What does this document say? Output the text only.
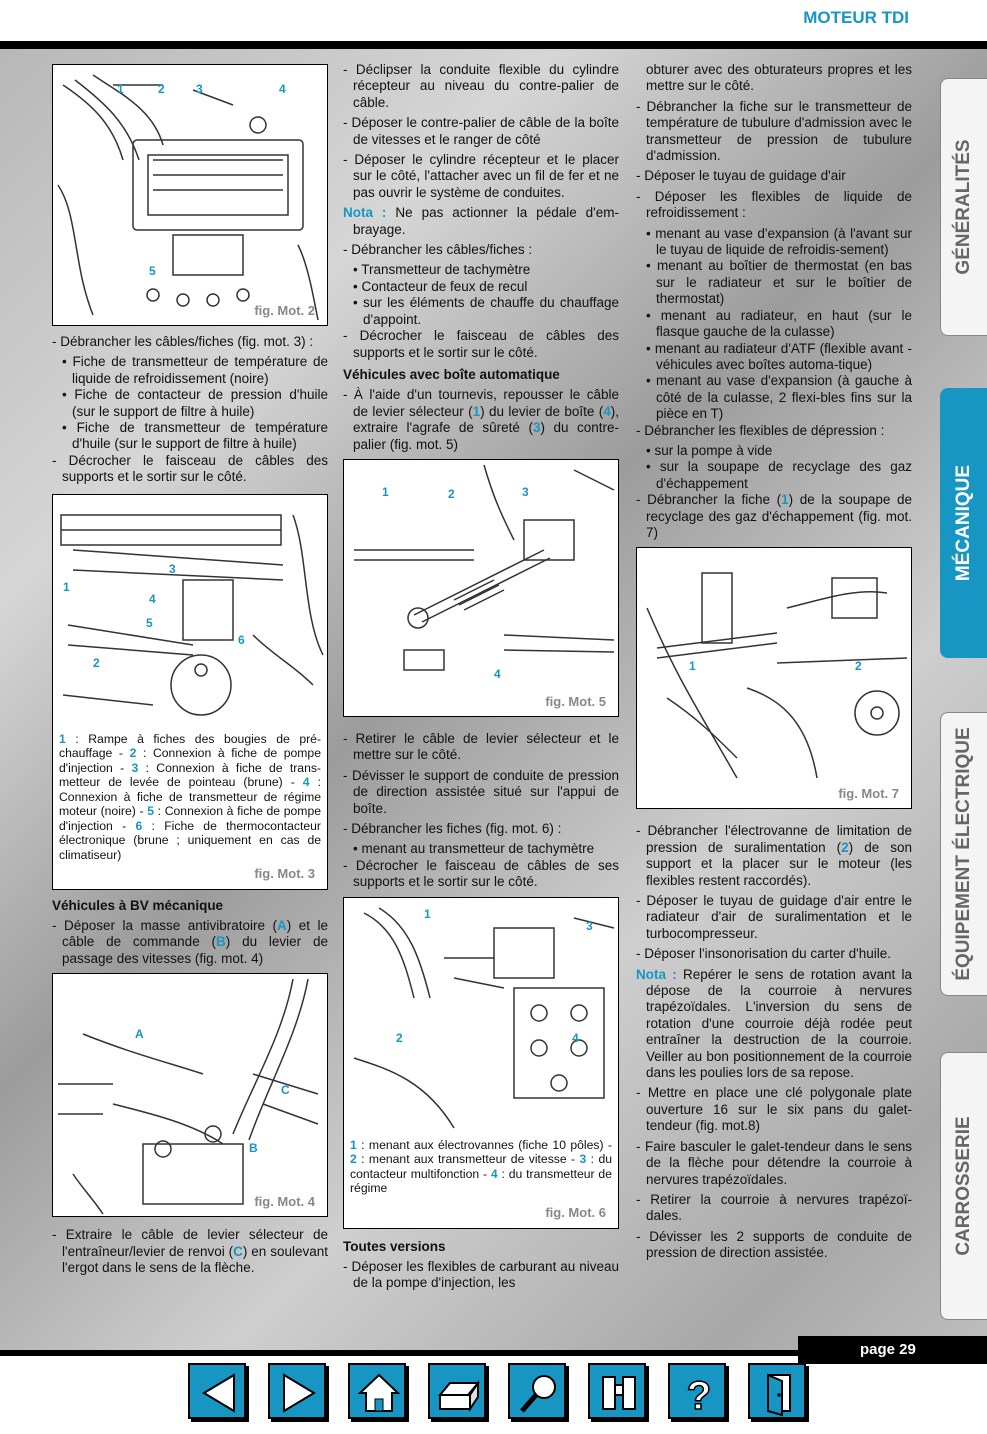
MOTEUR TDI
1	2	3	4
5
fig. Mot. 2

- Débrancher les câbles/fiches (fig. mot. 3) :

• Fiche de transmetteur de température de liquide de refroidissement (noire)

• Fiche de contacteur de pression d'huile (sur le support de filtre à huile)

• Fiche de transmetteur de température d'huile (sur le support de filtre à huile)

- Décrocher le faisceau de câbles des supports et le sortir sur le côté.

1
2
3
4
5
6
1 : Rampe à fiches des bougies de pré-chauffage - 2 : Connexion à fiche de pompe d'injection - 3 : Connexion à fiche de trans-metteur de levée de pointeau (brune) - 4 : Connexion à fiche de transmetteur de régime moteur (noire) - 5 : Connexion à fiche de pompe d'injection - 6 : Fiche de thermocontacteur électronique (brune ; uniquement en cas de climatiseur)
fig. Mot. 3
Véhicules à BV mécanique

- Déposer la masse antivibratoire (A) et le câble de commande (B) du levier de passage des vitesses (fig. mot. 4)

A
B
C
fig. Mot. 4

- Extraire le câble de levier sélecteur de l'entraîneur/levier de renvoi (C) en soulevant l'ergot dans le sens de la flèche.

- Déclipser la conduite flexible du cylindre récepteur au niveau du contre-palier de câble.

- Déposer le contre-palier de câble de la boîte de vitesses et le ranger de côté

- Déposer le cylindre récepteur et le placer sur le côté, l'attacher avec un fil de fer et ne pas ouvrir le système de conduites.

Nota : Ne pas actionner la pédale d'em-brayage.

- Débrancher les câbles/fiches :

• Transmetteur de tachymètre

• Contacteur de feux de recul

• sur les éléments de chauffe du chauffage d'appoint.

- Décrocher le faisceau de câbles des supports et le sortir sur le côté.

Véhicules avec boîte automatique

- À l'aide d'un tournevis, repousser le câble de levier sélecteur (1) du levier de boîte (4), extraire l'agrafe de sûreté (3) du contre-palier (fig. mot. 5)

1	2	3
4
fig. Mot. 5

- Retirer le câble de levier sélecteur et le mettre sur le côté.

- Dévisser le support de conduite de pression de direction assistée situé sur l'appui de boîte.

- Débrancher les fiches (fig. mot. 6) :

• menant au transmetteur de tachymètre

- Décrocher le faisceau de câbles de ses supports et le sortir sur le côté.

1
2
3
4
1 : menant aux électrovannes (fiche 10 pôles) - 2 : menant aux transmetteur de vitesse - 3 : du contacteur multifonction - 4 : du transmetteur de régime
fig. Mot. 6
Toutes versions

- Déposer les flexibles de carburant au niveau de la pompe d'injection, les

obturer avec des obturateurs propres et les mettre sur le côté.

- Débrancher la fiche sur le transmetteur de température de tubulure d'admission avec le transmetteur de pression de tubulure d'admission.

- Déposer le tuyau de guidage d'air

- Déposer les flexibles de liquide de refroidissement :

• menant au vase d'expansion (à l'avant sur le tuyau de liquide de refroidis-sement)

• menant au boîtier de thermostat (en bas sur le radiateur et sur le boîtier de thermostat)

• menant au radiateur, en haut (sur le flasque gauche de la culasse)

• menant au radiateur d'ATF (flexible avant - véhicules avec boîtes automa-tique)

• menant au vase d'expansion (à gauche à côté de la culasse, 2 flexi-bles fins sur la pièce en T)

- Débrancher les flexibles de dépression :

• sur la pompe à vide

• sur la soupape de recyclage des gaz d'échappement

- Débrancher la fiche (1) de la soupape de recyclage des gaz d'échappement (fig. mot. 7)

1	2
fig. Mot. 7

- Débrancher l'électrovanne de limitation de pression de suralimentation (2) de son support et la placer sur le moteur (les flexibles restent raccordés).

- Déposer le tuyau de guidage d'air entre le radiateur d'air de suralimentation et le turbocompresseur.

- Déposer l'insonorisation du carter d'huile.

Nota : Repérer le sens de rotation avant la dépose de la courroie à nervures trapézoïdales. L'inversion du sens de rotation d'une courroie déjà rodée peut entraîner la destruction de la courroie. Veiller au bon positionnement de la courroie dans les poulies lors de sa repose.

- Mettre en place une clé polygonale plate ouverture 16 sur le six pans du galet-tendeur (fig. mot.8)

- Faire basculer le galet-tendeur dans le sens de la flèche pour détendre la courroie à nervures trapézoïdales.

- Retirer la courroie à nervures trapézoï-dales.

- Dévisser les 2 supports de conduite de pression de direction assistée.

GÉNÉRALITÉS
MÉCANIQUE
ÉQUIPEMENT ÉLECTRIQUE
CARROSSERIE
page 29
?
